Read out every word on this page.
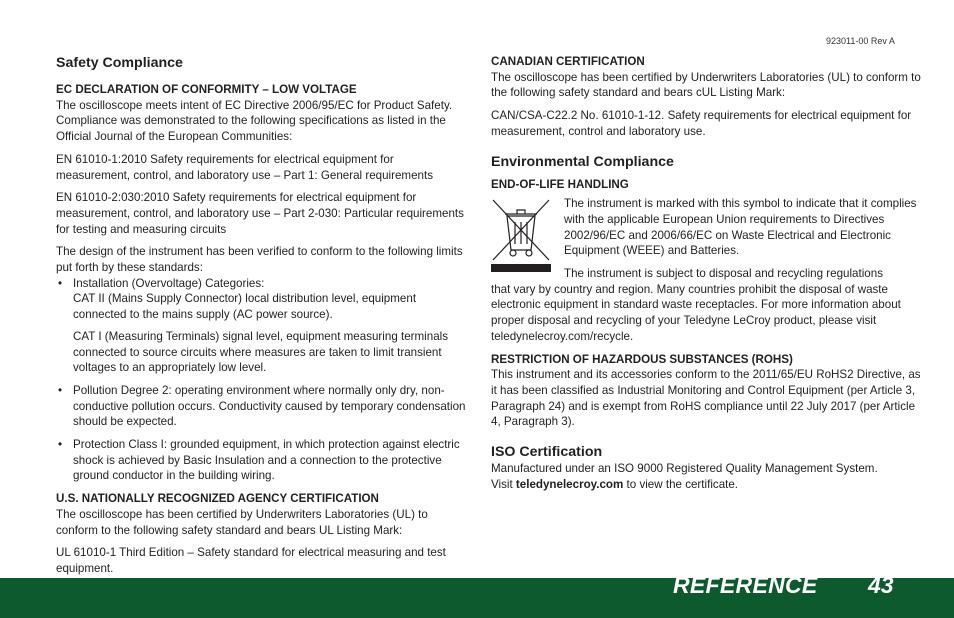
923011-00 Rev A
Safety Compliance
EC DECLARATION OF CONFORMITY – LOW VOLTAGE

The oscilloscope meets intent of EC Directive 2006/95/EC for Product Safety. Compliance was demonstrated to the following specifications as listed in the Official Journal of the European Communities:

EN 61010-1:2010 Safety requirements for electrical equipment for measurement, control, and laboratory use – Part 1: General requirements

EN 61010-2:030:2010 Safety requirements for electrical equipment for measurement, control, and laboratory use – Part 2-030: Particular requirements for testing and measuring circuits

The design of the instrument has been verified to conform to the following limits put forth by these standards:

• Installation (Overvoltage) Categories:

CAT II (Mains Supply Connector) local distribution level, equipment connected to the mains supply (AC power source).

CAT I (Measuring Terminals) signal level, equipment measuring terminals connected to source circuits where measures are taken to limit transient voltages to an appropriately low level.

• Pollution Degree 2: operating environment where normally only dry, non-conductive pollution occurs. Conductivity caused by temporary condensation should be expected.
• Protection Class I: grounded equipment, in which protection against electric shock is achieved by Basic Insulation and a connection to the protective ground conductor in the building wiring.
U.S. NATIONALLY RECOGNIZED AGENCY CERTIFICATION

The oscilloscope has been certified by Underwriters Laboratories (UL) to conform to the following safety standard and bears UL Listing Mark:

UL 61010-1 Third Edition – Safety standard for electrical measuring and test equipment.

CANADIAN CERTIFICATION

The oscilloscope has been certified by Underwriters Laboratories (UL) to conform to the following safety standard and bears cUL Listing Mark:

CAN/CSA-C22.2 No. 61010-1-12. Safety requirements for electrical equipment for measurement, control and laboratory use.

Environmental Compliance
END-OF-LIFE HANDLING

The instrument is marked with this symbol to indicate that it complies with the applicable European Union requirements to Directives 2002/96/EC and 2006/66/EC on Waste Electrical and Electronic Equipment (WEEE) and Batteries.

The instrument is subject to disposal and recycling regulations

that vary by country and region. Many countries prohibit the disposal of waste electronic equipment in standard waste receptacles. For more information about proper disposal and recycling of your Teledyne LeCroy product, please visit teledynelecroy.com/recycle.

RESTRICTION OF HAZARDOUS SUBSTANCES (ROHS)

This instrument and its accessories conform to the 2011/65/EU RoHS2 Directive, as it has been classified as Industrial Monitoring and Control Equipment (per Article 3, Paragraph 24) and is exempt from RoHS compliance until 22 July 2017 (per Article 4, Paragraph 3).

ISO Certification

Manufactured under an ISO 9000 Registered Quality Management System.
Visit teledynelecroy.com to view the certificate.

REFERENCE 43
